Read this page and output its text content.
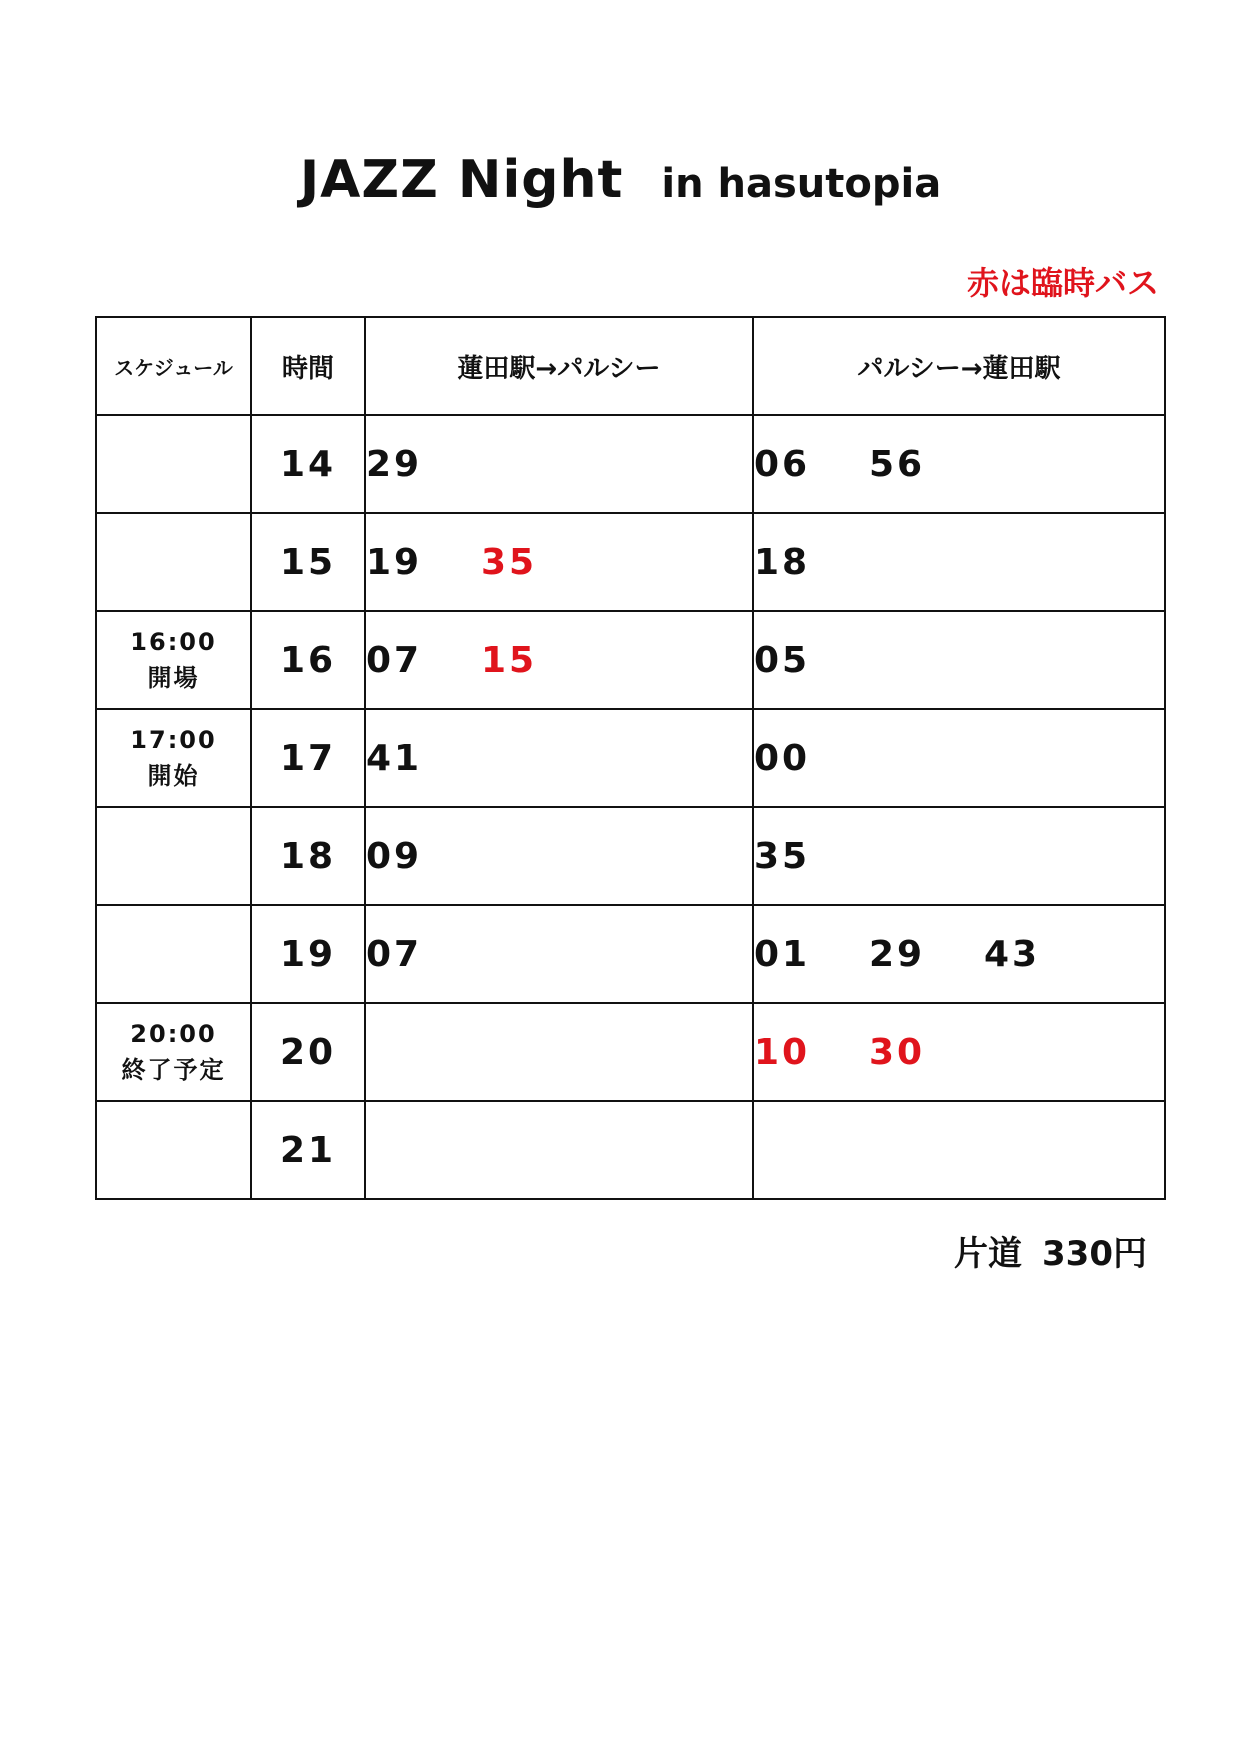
JAZZ Night in hasutopia
赤は臨時バス
スケジュール	時間	蓮田駅→パルシー	パルシー→蓮田駅

	14	29	06 56

	15	19 35	18

16:00
開場	16	07 15	05

17:00
開始	17	41	00

	18	09	35

	19	07	01 29 43

20:00
終了予定	20		10 30

	21		
片道 330円
